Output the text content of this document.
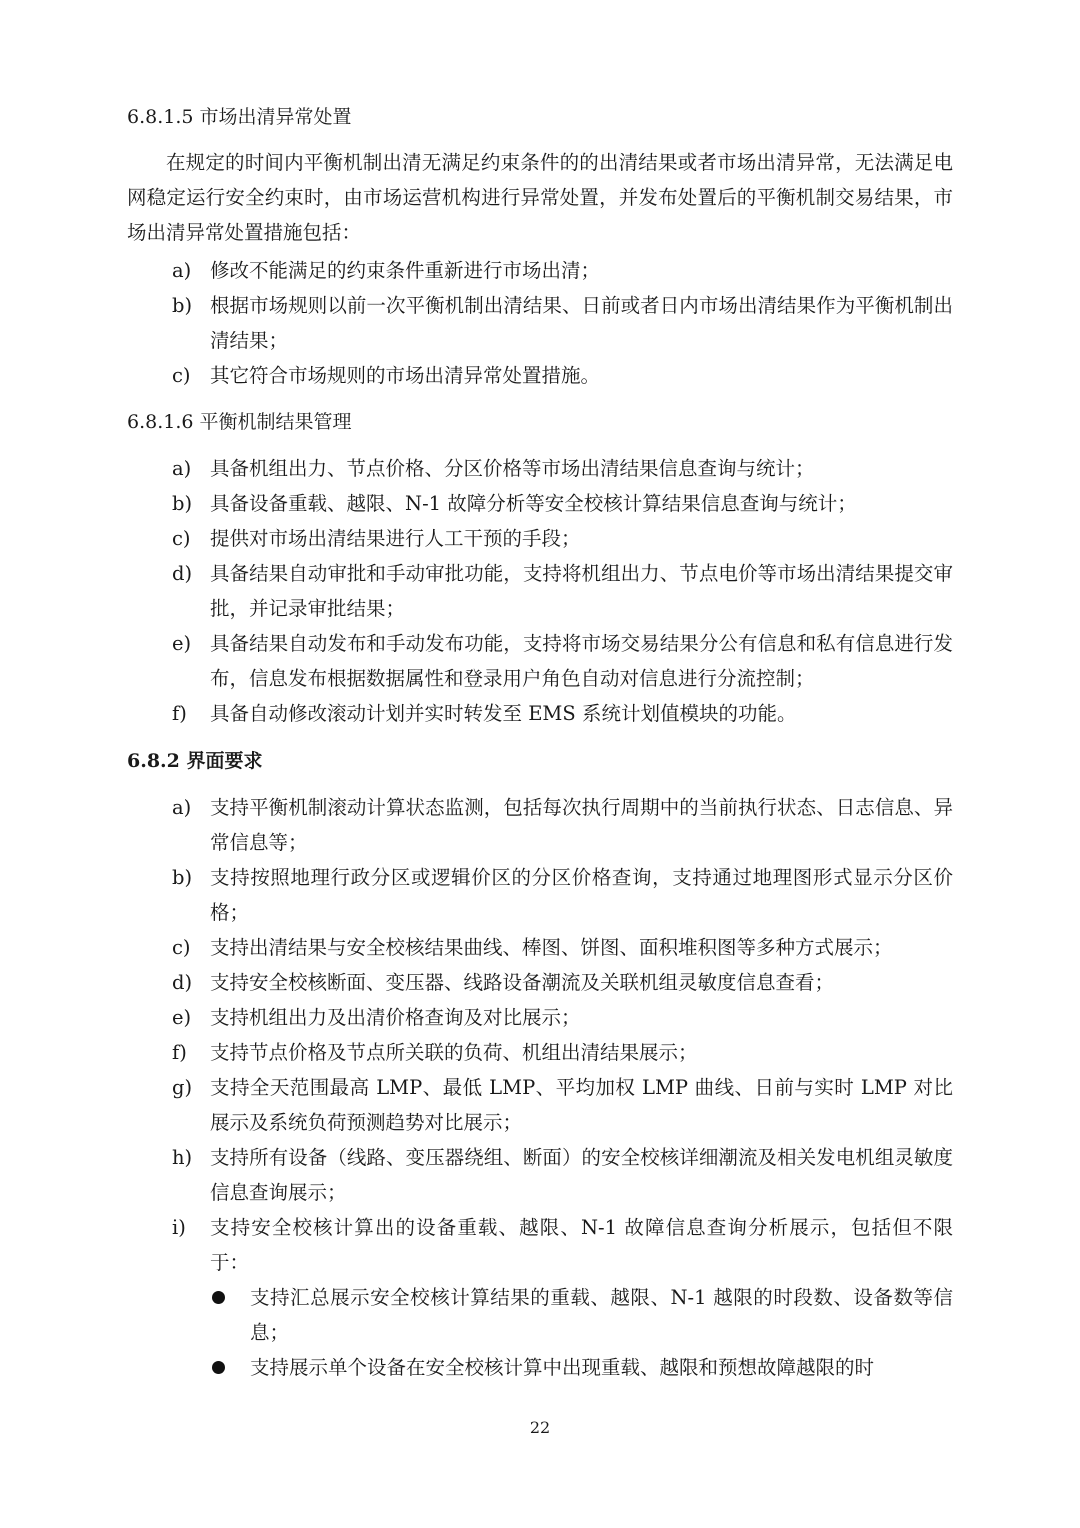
6.8.1.5 市场出清异常处置

在规定的时间内平衡机制出清无满足约束条件的的出清结果或者市场出清异常，无法满足电网稳定运行安全约束时，由市场运营机构进行异常处置，并发布处置后的平衡机制交易结果，市场出清异常处置措施包括：

a) 修改不能满足的约束条件重新进行市场出清；
b) 根据市场规则以前一次平衡机制出清结果、日前或者日内市场出清结果作为平衡机制出清结果；
c) 其它符合市场规则的市场出清异常处置措施。
6.8.1.6 平衡机制结果管理
a) 具备机组出力、节点价格、分区价格等市场出清结果信息查询与统计；
b) 具备设备重载、越限、N-1 故障分析等安全校核计算结果信息查询与统计；
c) 提供对市场出清结果进行人工干预的手段；
d) 具备结果自动审批和手动审批功能，支持将机组出力、节点电价等市场出清结果提交审批，并记录审批结果；
e) 具备结果自动发布和手动发布功能，支持将市场交易结果分公有信息和私有信息进行发布，信息发布根据数据属性和登录用户角色自动对信息进行分流控制；
f) 具备自动修改滚动计划并实时转发至 EMS 系统计划值模块的功能。
6.8.2 界面要求
a) 支持平衡机制滚动计算状态监测，包括每次执行周期中的当前执行状态、日志信息、异常信息等；
b) 支持按照地理行政分区或逻辑价区的分区价格查询，支持通过地理图形式显示分区价格；
c) 支持出清结果与安全校核结果曲线、棒图、饼图、面积堆积图等多种方式展示；
d) 支持安全校核断面、变压器、线路设备潮流及关联机组灵敏度信息查看；
e) 支持机组出力及出清价格查询及对比展示；
f) 支持节点价格及节点所关联的负荷、机组出清结果展示；
g) 支持全天范围最高 LMP、最低 LMP、平均加权 LMP 曲线、日前与实时 LMP 对比展示及系统负荷预测趋势对比展示；
h) 支持所有设备（线路、变压器绕组、断面）的安全校核详细潮流及相关发电机组灵敏度信息查询展示；
i) 支持安全校核计算出的设备重载、越限、N-1 故障信息查询分析展示，包括但不限于：
支持汇总展示安全校核计算结果的重载、越限、N-1 越限的时段数、设备数等信息；
支持展示单个设备在安全校核计算中出现重载、越限和预想故障越限的时
22
